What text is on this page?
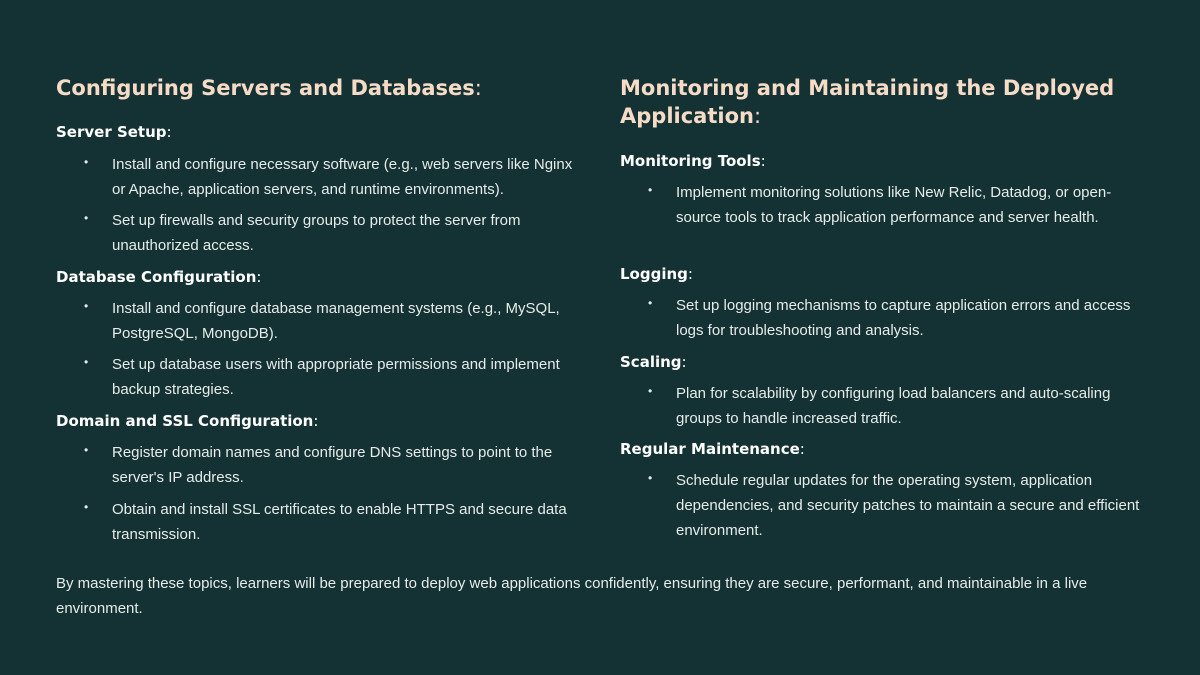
Configuring Servers and Databases:
Server Setup:
• Install and configure necessary software (e.g., web servers like Nginx or Apache, application servers, and runtime environments).
• Set up firewalls and security groups to protect the server from unauthorized access.
Database Configuration:
• Install and configure database management systems (e.g., MySQL, PostgreSQL, MongoDB).
• Set up database users with appropriate permissions and implement backup strategies.
Domain and SSL Configuration:
• Register domain names and configure DNS settings to point to the server's IP address.
• Obtain and install SSL certificates to enable HTTPS and secure data transmission.
Monitoring and Maintaining the Deployed Application:
Monitoring Tools:
• Implement monitoring solutions like New Relic, Datadog, or open-source tools to track application performance and server health.
Logging:
• Set up logging mechanisms to capture application errors and access logs for troubleshooting and analysis.
Scaling:
• Plan for scalability by configuring load balancers and auto-scaling groups to handle increased traffic.
Regular Maintenance:
• Schedule regular updates for the operating system, application dependencies, and security patches to maintain a secure and efficient environment.
By mastering these topics, learners will be prepared to deploy web applications confidently, ensuring they are secure, performant, and maintainable in a live environment.
